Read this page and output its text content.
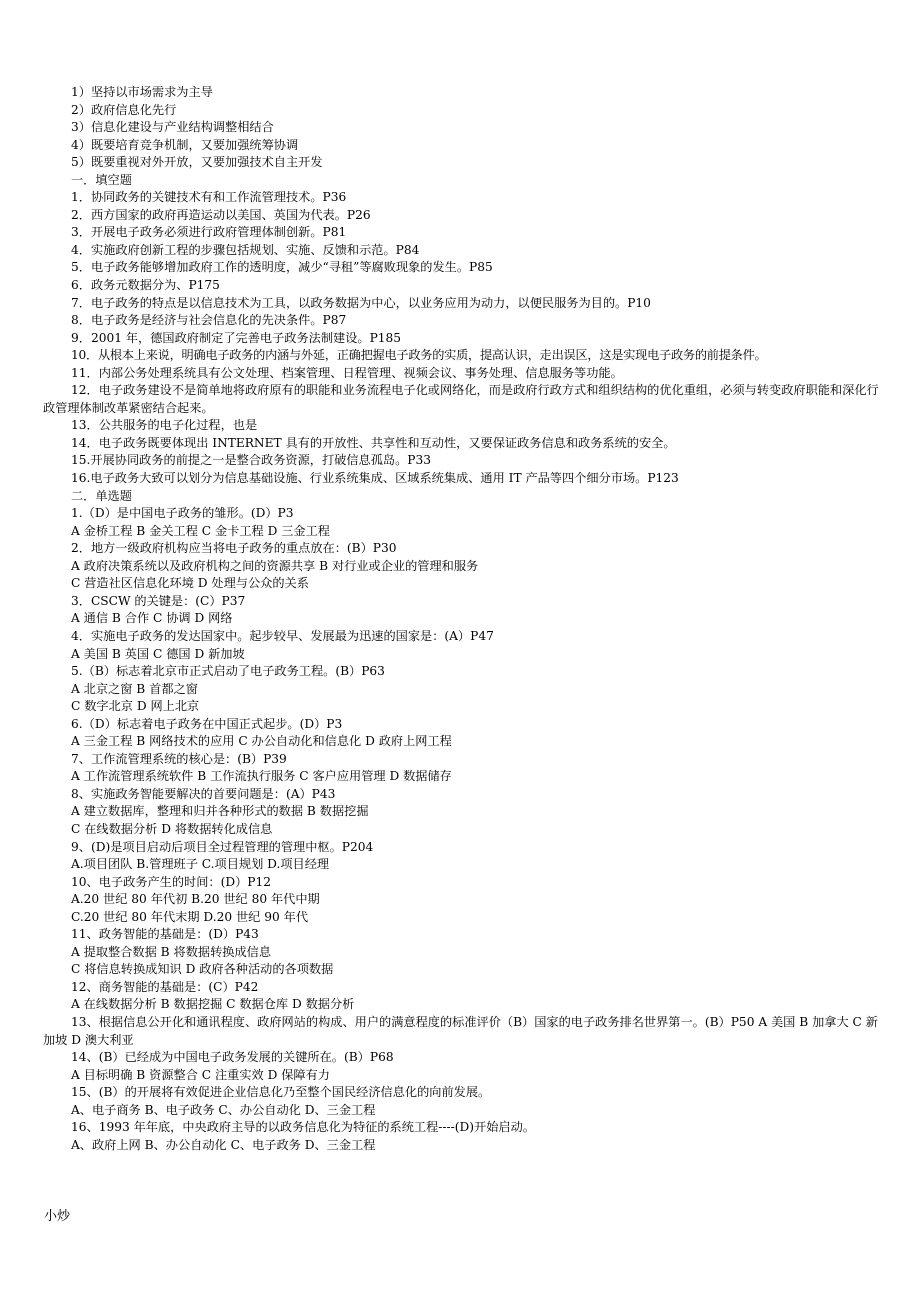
1）坚持以市场需求为主导
2）政府信息化先行
3）信息化建设与产业结构调整相结合
4）既要培育竞争机制，又要加强统筹协调
5）既要重视对外开放，又要加强技术自主开发
一．填空题
1．协同政务的关键技术有和工作流管理技术。P36
2．西方国家的政府再造运动以美国、英国为代表。P26
3．开展电子政务必须进行政府管理体制创新。P81
4．实施政府创新工程的步骤包括规划、实施、反馈和示范。P84
5．电子政务能够增加政府工作的透明度，减少“寻租”等腐败现象的发生。P85
6．政务元数据分为、P175
7．电子政务的特点是以信息技术为工具，以政务数据为中心，以业务应用为动力，以便民服务为目的。P10
8．电子政务是经济与社会信息化的先决条件。P87
9．2001 年，德国政府制定了完善电子政务法制建设。P185
10．从根本上来说，明确电子政务的内涵与外延，正确把握电子政务的实质，提高认识，走出误区，这是实现电子政务的前提条件。
11．内部公务处理系统具有公文处理、档案管理、日程管理、视频会议、事务处理、信息服务等功能。
12．电子政务建设不是简单地将政府原有的职能和业务流程电子化或网络化，而是政府行政方式和组织结构的优化重组，必须与转变政府职能和深化行政管理体制改革紧密结合起来。
13．公共服务的电子化过程，也是
14．电子政务既要体现出 INTERNET 具有的开放性、共享性和互动性，又要保证政务信息和政务系统的安全。
15.开展协同政务的前提之一是整合政务资源，打破信息孤岛。P33
16.电子政务大致可以划分为信息基础设施、行业系统集成、区域系统集成、通用 IT 产品等四个细分市场。P123
二．单选题
1.（D）是中国电子政务的雏形。(D）P3
A 金桥工程 B 金关工程 C 金卡工程 D 三金工程
2．地方一级政府机构应当将电子政务的重点放在：(B）P30
A 政府决策系统以及政府机构之间的资源共享 B 对行业或企业的管理和服务
C 营造社区信息化环境 D 处理与公众的关系
3．CSCW 的关键是：(C）P37
A 通信 B 合作 C 协调 D 网络
4．实施电子政务的发达国家中。起步较早、发展最为迅速的国家是：(A）P47
A 美国 B 英国 C 德国 D 新加坡
5.（B）标志着北京市正式启动了电子政务工程。(B）P63
A 北京之窗 B 首都之窗
C 数字北京 D 网上北京
6.（D）标志着电子政务在中国正式起步。(D）P3
A 三金工程 B 网络技术的应用 C 办公自动化和信息化 D 政府上网工程
7、工作流管理系统的核心是：(B）P39
A 工作流管理系统软件 B 工作流执行服务 C 客户应用管理 D 数据储存
8、实施政务智能要解决的首要问题是：(A）P43
A 建立数据库，整理和归并各种形式的数据 B 数据挖掘
C 在线数据分析 D 将数据转化成信息
9、(D)是项目启动后项目全过程管理的管理中枢。P204
A.项目团队 B.管理班子 C.项目规划 D.项目经理
10、电子政务产生的时间：(D）P12
A.20 世纪 80 年代初 B.20 世纪 80 年代中期
C.20 世纪 80 年代末期 D.20 世纪 90 年代
11、政务智能的基础是：(D）P43
A 提取整合数据 B 将数据转换成信息
C 将信息转换成知识 D 政府各种活动的各项数据
12、商务智能的基础是：(C）P42
A 在线数据分析 B 数据挖掘 C 数据仓库 D 数据分析
13、根据信息公开化和通讯程度、政府网站的构成、用户的满意程度的标准评价（B）国家的电子政务排名世界第一。(B）P50 A 美国 B 加拿大 C 新加坡 D 澳大利亚
14、(B）已经成为中国电子政务发展的关键所在。(B）P68
A 目标明确 B 资源整合 C 注重实效 D 保障有力
15、(B）的开展将有效促进企业信息化乃至整个国民经济信息化的向前发展。
A、电子商务 B、电子政务 C、办公自动化 D、三金工程
16、1993 年年底，中央政府主导的以政务信息化为特征的系统工程----(D)开始启动。
A、政府上网 B、办公自动化 C、电子政务 D、三金工程
小炒
